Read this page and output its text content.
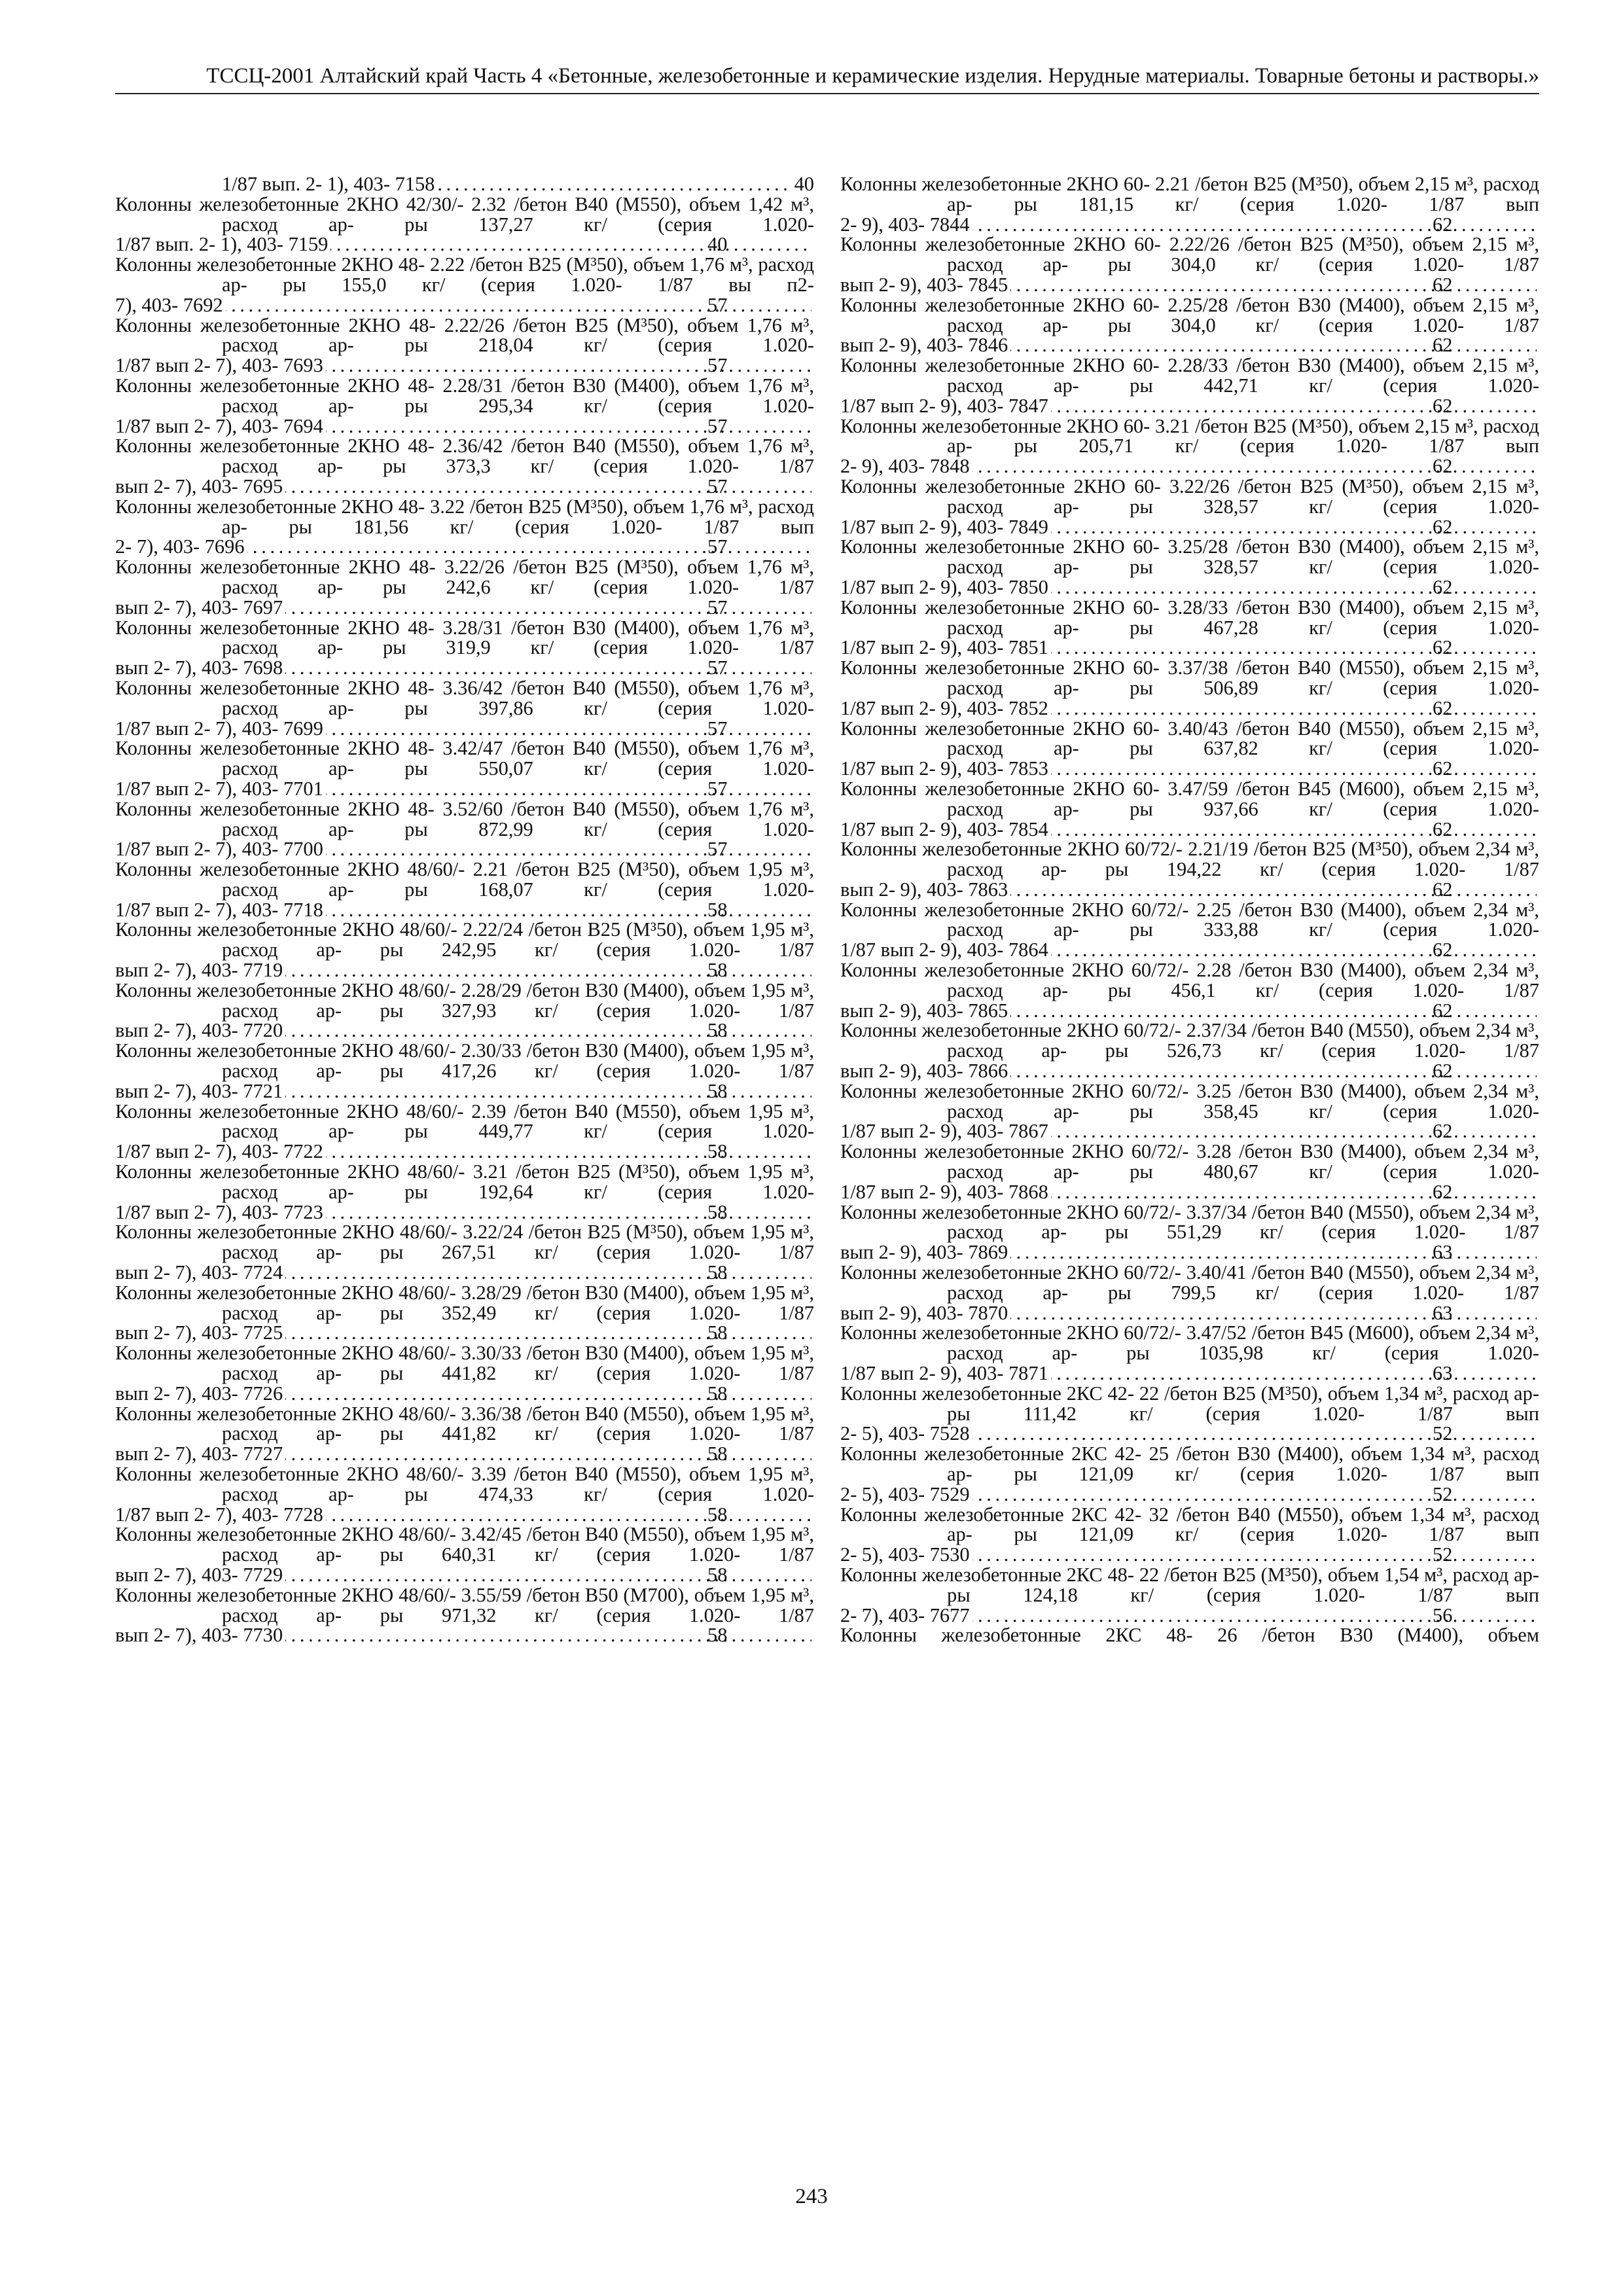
ТССЦ-2001 Алтайский край Часть 4 «Бетонные, железобетонные и керамические изделия. Нерудные материалы. Товарные бетоны и растворы.»
1/87 вып. 2- 1), 403- 7158 . . .	40
Колонны железобетонные 2КНО 42/30/- 2.32 /бетон В40 (М550), объем 1,42 м³, расход ар- ры 137,27 кг/ (серия 1.020-
1/87 вып. 2- 1), 403- 7159 . . .	40
Колонны железобетонные 2КНО 48- 2.22 /бетон В25 (М³50), объем 1,76 м³, расход ар- ры 155,0 кг/ (серия 1.020- 1/87 вы п2-
7), 403- 7692 . . .	57
Колонны железобетонные 2КНО 48- 2.22/26 /бетон В25 (М³50), объем 1,76 м³, расход ар- ры 218,04 кг/ (серия 1.020-
1/87 вып 2- 7), 403- 7693 . . .	57
Колонны железобетонные 2КНО 48- 2.28/31 /бетон В30 (М400), объем 1,76 м³, расход ар- ры 295,34 кг/ (серия 1.020-
1/87 вып 2- 7), 403- 7694 . . .	57
Колонны железобетонные 2КНО 48- 2.36/42 /бетон В40 (М550), объем 1,76 м³, расход ар- ры 373,3 кг/ (серия 1.020- 1/87
вып 2- 7), 403- 7695 . . .	57
Колонны железобетонные 2КНО 48- 3.22 /бетон В25 (М³50), объем 1,76 м³, расход ар- ры 181,56 кг/ (серия 1.020- 1/87 вып
2- 7), 403- 7696 . . .	57
Колонны железобетонные 2КНО 48- 3.22/26 /бетон В25 (М³50), объем 1,76 м³, расход ар- ры 242,6 кг/ (серия 1.020- 1/87
вып 2- 7), 403- 7697 . . .	57
Колонны железобетонные 2КНО 48- 3.28/31 /бетон В30 (М400), объем 1,76 м³, расход ар- ры 319,9 кг/ (серия 1.020- 1/87
вып 2- 7), 403- 7698 . . .	57
Колонны железобетонные 2КНО 48- 3.36/42 /бетон В40 (М550), объем 1,76 м³, расход ар- ры 397,86 кг/ (серия 1.020-
1/87 вып 2- 7), 403- 7699 . . .	57
Колонны железобетонные 2КНО 48- 3.42/47 /бетон В40 (М550), объем 1,76 м³, расход ар- ры 550,07 кг/ (серия 1.020-
1/87 вып 2- 7), 403- 7701 . . .	57
Колонны железобетонные 2КНО 48- 3.52/60 /бетон В40 (М550), объем 1,76 м³, расход ар- ры 872,99 кг/ (серия 1.020-
1/87 вып 2- 7), 403- 7700 . . .	57
Колонны железобетонные 2КНО 48/60/- 2.21 /бетон В25 (М³50), объем 1,95 м³, расход ар- ры 168,07 кг/ (серия 1.020-
1/87 вып 2- 7), 403- 7718 . . .	58
Колонны железобетонные 2КНО 48/60/- 2.22/24 /бетон В25 (М³50), объем 1,95 м³, расход ар- ры 242,95 кг/ (серия 1.020- 1/87
вып 2- 7), 403- 7719 . . .	58
Колонны железобетонные 2КНО 48/60/- 2.28/29 /бетон В30 (М400), объем 1,95 м³, расход ар- ры 327,93 кг/ (серия 1.020- 1/87
вып 2- 7), 403- 7720 . . .	58
Колонны железобетонные 2КНО 48/60/- 2.30/33 /бетон В30 (М400), объем 1,95 м³, расход ар- ры 417,26 кг/ (серия 1.020- 1/87
вып 2- 7), 403- 7721 . . .	58
Колонны железобетонные 2КНО 48/60/- 2.39 /бетон В40 (М550), объем 1,95 м³, расход ар- ры 449,77 кг/ (серия 1.020-
1/87 вып 2- 7), 403- 7722 . . .	58
Колонны железобетонные 2КНО 48/60/- 3.21 /бетон В25 (М³50), объем 1,95 м³, расход ар- ры 192,64 кг/ (серия 1.020-
1/87 вып 2- 7), 403- 7723 . . .	58
Колонны железобетонные 2КНО 48/60/- 3.22/24 /бетон В25 (М³50), объем 1,95 м³, расход ар- ры 267,51 кг/ (серия 1.020- 1/87
вып 2- 7), 403- 7724 . . .	58
Колонны железобетонные 2КНО 48/60/- 3.28/29 /бетон В30 (М400), объем 1,95 м³, расход ар- ры 352,49 кг/ (серия 1.020- 1/87
вып 2- 7), 403- 7725 . . .	58
Колонны железобетонные 2КНО 48/60/- 3.30/33 /бетон В30 (М400), объем 1,95 м³, расход ар- ры 441,82 кг/ (серия 1.020- 1/87
вып 2- 7), 403- 7726 . . .	58
Колонны железобетонные 2КНО 48/60/- 3.36/38 /бетон В40 (М550), объем 1,95 м³, расход ар- ры 441,82 кг/ (серия 1.020- 1/87
вып 2- 7), 403- 7727 . . .	58
Колонны железобетонные 2КНО 48/60/- 3.39 /бетон В40 (М550), объем 1,95 м³, расход ар- ры 474,33 кг/ (серия 1.020-
1/87 вып 2- 7), 403- 7728 . . .	58
Колонны железобетонные 2КНО 48/60/- 3.42/45 /бетон В40 (М550), объем 1,95 м³, расход ар- ры 640,31 кг/ (серия 1.020- 1/87
вып 2- 7), 403- 7729 . . .	58
Колонны железобетонные 2КНО 48/60/- 3.55/59 /бетон В50 (М700), объем 1,95 м³, расход ар- ры 971,32 кг/ (серия 1.020- 1/87
вып 2- 7), 403- 7730 . . .	58
Колонны железобетонные 2КНО 60- 2.21 /бетон В25 (М³50), объем 2,15 м³, расход ар- ры 181,15 кг/ (серия 1.020- 1/87 вып
2- 9), 403- 7844 . . .	62
Колонны железобетонные 2КНО 60- 2.22/26 /бетон В25 (М³50), объем 2,15 м³, расход ар- ры 304,0 кг/ (серия 1.020- 1/87
вып 2- 9), 403- 7845 . . .	62
Колонны железобетонные 2КНО 60- 2.25/28 /бетон В30 (М400), объем 2,15 м³, расход ар- ры 304,0 кг/ (серия 1.020- 1/87
вып 2- 9), 403- 7846 . . .	62
Колонны железобетонные 2КНО 60- 2.28/33 /бетон В30 (М400), объем 2,15 м³, расход ар- ры 442,71 кг/ (серия 1.020-
1/87 вып 2- 9), 403- 7847 . . .	62
Колонны железобетонные 2КНО 60- 3.21 /бетон В25 (М³50), объем 2,15 м³, расход ар- ры 205,71 кг/ (серия 1.020- 1/87 вып
2- 9), 403- 7848 . . .	62
Колонны железобетонные 2КНО 60- 3.22/26 /бетон В25 (М³50), объем 2,15 м³, расход ар- ры 328,57 кг/ (серия 1.020-
1/87 вып 2- 9), 403- 7849 . . .	62
Колонны железобетонные 2КНО 60- 3.25/28 /бетон В30 (М400), объем 2,15 м³, расход ар- ры 328,57 кг/ (серия 1.020-
1/87 вып 2- 9), 403- 7850 . . .	62
Колонны железобетонные 2КНО 60- 3.28/33 /бетон В30 (М400), объем 2,15 м³, расход ар- ры 467,28 кг/ (серия 1.020-
1/87 вып 2- 9), 403- 7851 . . .	62
Колонны железобетонные 2КНО 60- 3.37/38 /бетон В40 (М550), объем 2,15 м³, расход ар- ры 506,89 кг/ (серия 1.020-
1/87 вып 2- 9), 403- 7852 . . .	62
Колонны железобетонные 2КНО 60- 3.40/43 /бетон В40 (М550), объем 2,15 м³, расход ар- ры 637,82 кг/ (серия 1.020-
1/87 вып 2- 9), 403- 7853 . . .	62
Колонны железобетонные 2КНО 60- 3.47/59 /бетон В45 (М600), объем 2,15 м³, расход ар- ры 937,66 кг/ (серия 1.020-
1/87 вып 2- 9), 403- 7854 . . .	62
Колонны железобетонные 2КНО 60/72/- 2.21/19 /бетон В25 (М³50), объем 2,34 м³, расход ар- ры 194,22 кг/ (серия 1.020- 1/87
вып 2- 9), 403- 7863 . . .	62
Колонны железобетонные 2КНО 60/72/- 2.25 /бетон В30 (М400), объем 2,34 м³, расход ар- ры 333,88 кг/ (серия 1.020-
1/87 вып 2- 9), 403- 7864 . . .	62
Колонны железобетонные 2КНО 60/72/- 2.28 /бетон В30 (М400), объем 2,34 м³, расход ар- ры 456,1 кг/ (серия 1.020- 1/87
вып 2- 9), 403- 7865 . . .	62
Колонны железобетонные 2КНО 60/72/- 2.37/34 /бетон В40 (М550), объем 2,34 м³, расход ар- ры 526,73 кг/ (серия 1.020- 1/87
вып 2- 9), 403- 7866 . . .	62
Колонны железобетонные 2КНО 60/72/- 3.25 /бетон В30 (М400), объем 2,34 м³, расход ар- ры 358,45 кг/ (серия 1.020-
1/87 вып 2- 9), 403- 7867 . . .	62
Колонны железобетонные 2КНО 60/72/- 3.28 /бетон В30 (М400), объем 2,34 м³, расход ар- ры 480,67 кг/ (серия 1.020-
1/87 вып 2- 9), 403- 7868 . . .	62
Колонны железобетонные 2КНО 60/72/- 3.37/34 /бетон В40 (М550), объем 2,34 м³, расход ар- ры 551,29 кг/ (серия 1.020- 1/87
вып 2- 9), 403- 7869 . . .	63
Колонны железобетонные 2КНО 60/72/- 3.40/41 /бетон В40 (М550), объем 2,34 м³, расход ар- ры 799,5 кг/ (серия 1.020- 1/87
вып 2- 9), 403- 7870 . . .	63
Колонны железобетонные 2КНО 60/72/- 3.47/52 /бетон В45 (М600), объем 2,34 м³, расход ар- ры 1035,98 кг/ (серия 1.020-
1/87 вып 2- 9), 403- 7871 . . .	63
Колонны железобетонные 2КС 42- 22 /бетон В25 (М³50), объем 1,34 м³, расход ар- ры 111,42 кг/ (серия 1.020- 1/87 вып
2- 5), 403- 7528 . . .	52
Колонны железобетонные 2КС 42- 25 /бетон В30 (М400), объем 1,34 м³, расход ар- ры 121,09 кг/ (серия 1.020- 1/87 вып
2- 5), 403- 7529 . . .	52
Колонны железобетонные 2КС 42- 32 /бетон В40 (М550), объем 1,34 м³, расход ар- ры 121,09 кг/ (серия 1.020- 1/87 вып
2- 5), 403- 7530 . . .	52
Колонны железобетонные 2КС 48- 22 /бетон В25 (М³50), объем 1,54 м³, расход ар- ры 124,18 кг/ (серия 1.020- 1/87 вып
2- 7), 403- 7677 . . .	56
Колонны железобетонные 2КС 48- 26 /бетон В30 (М400), объем
243
